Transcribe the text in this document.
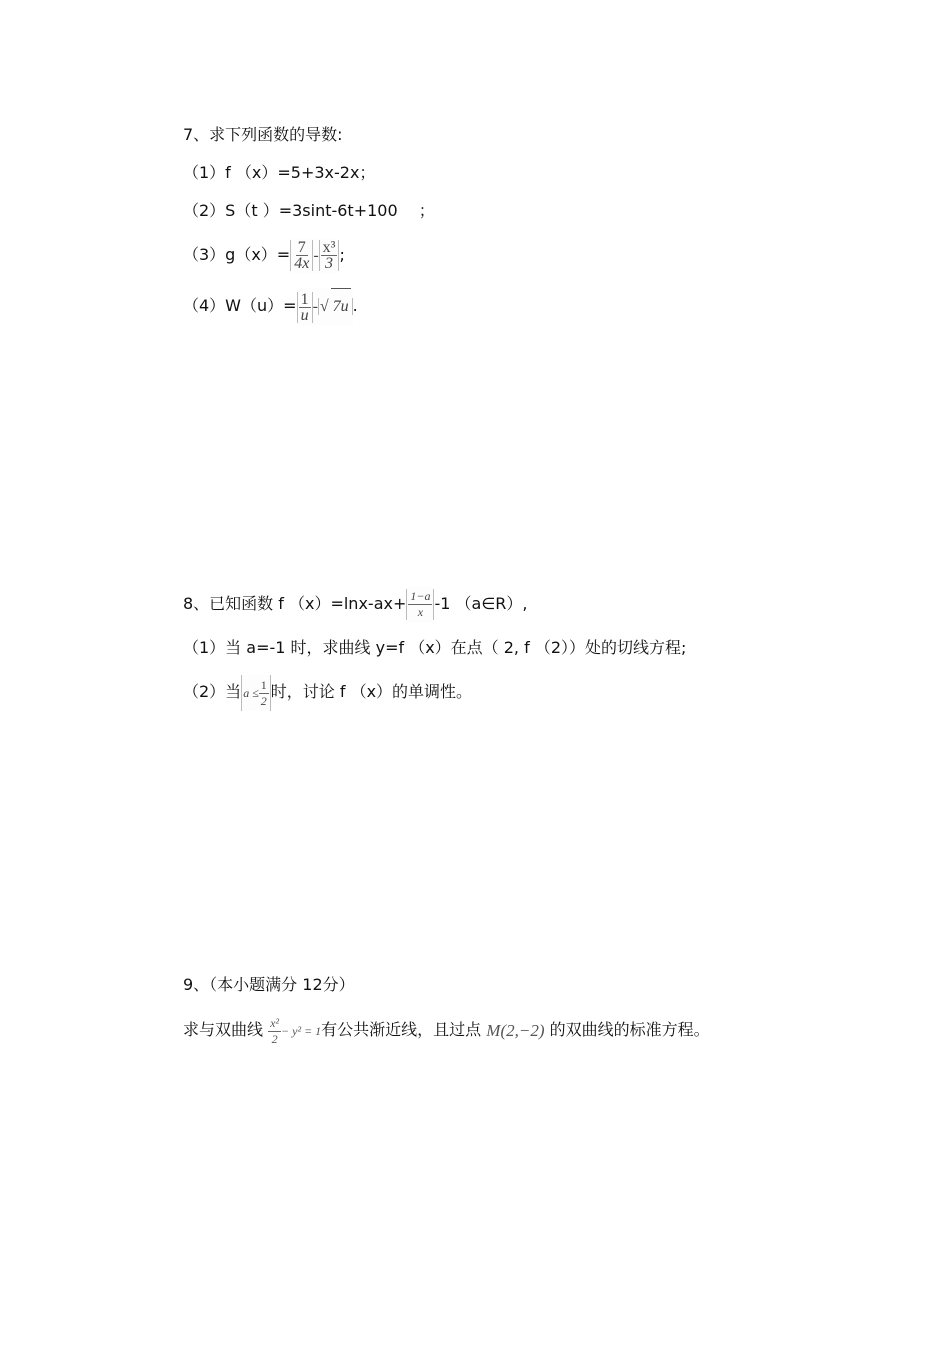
7、求下列函数的导数:
（1）f （x）=5+3x-2x；
（2）S（t ）=3sint-6t+100 　；
$(3)g(x)= \frac{7}{4x} - \frac{\text{x³}}{3}$ ;
$(4)W(u)= \frac{1}{u}$ - √ 7u .
8、已知函数 f $(x)=\ln x-ax+ \frac{1-a}{x} -1$ （a∈R）,
（1）当 a=-1 时，求曲线 y=f （x）在点（ 2, f （2））处的切线方程;
（2）当 $a \le \frac{1}{2}$ 时，讨论 f （x）的单调性。
9、（本小题满分 12分）
求与双曲线 $\frac{\text{x²}}{2} - y^2 = 1$有公共渐近线，且过点 M(2,−2) 的双曲线的标准方程。
